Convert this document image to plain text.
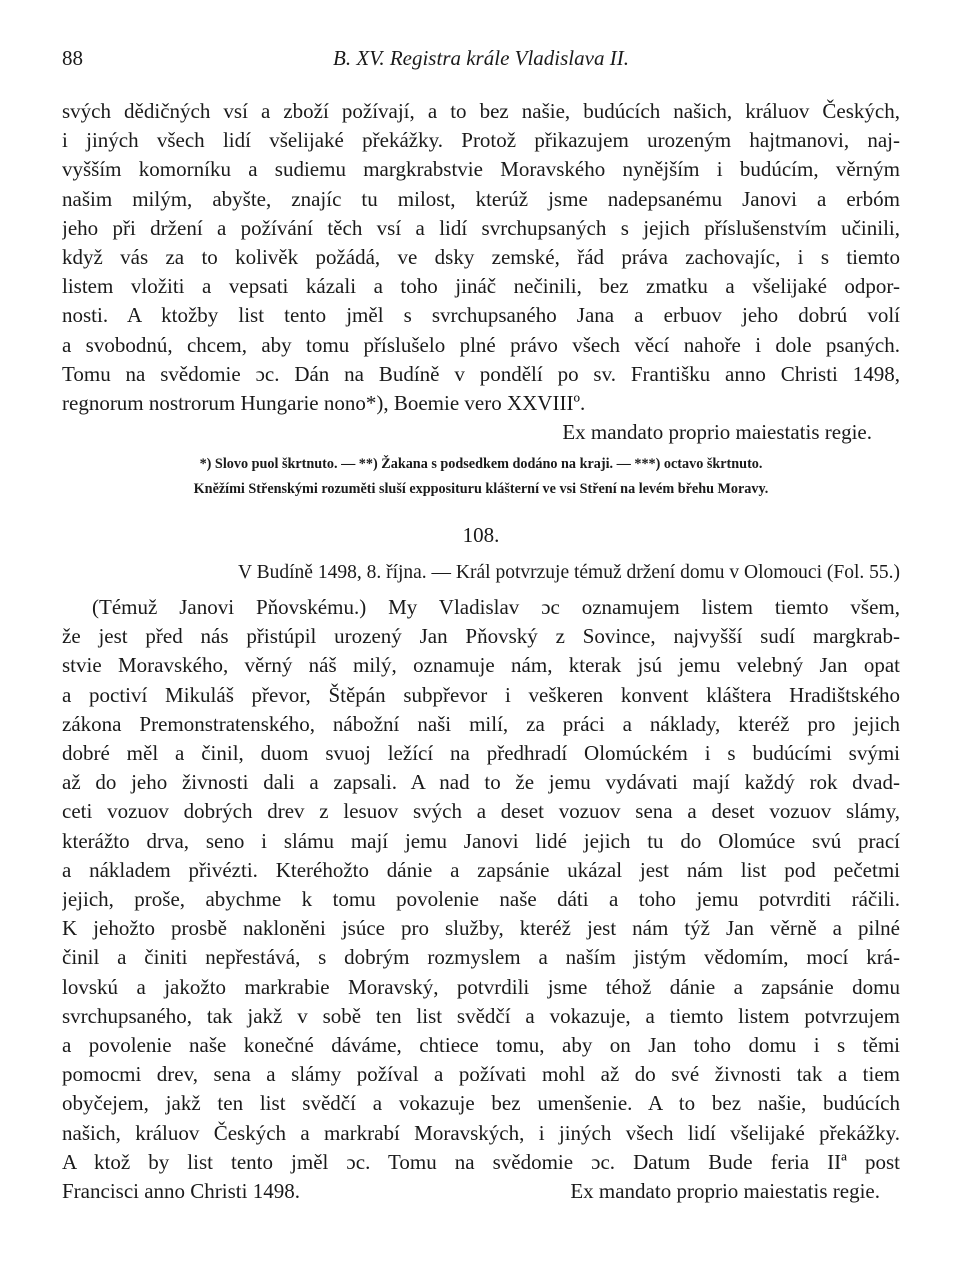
88	B. XV. Registra krále Vladislava II.
svých dědičných vsí a zboží požívají, a to bez našie, budúcích našich, králuov Českých,
i jiných všech lidí všelijaké překážky. Protož přikazujem urozeným hajtmanovi, naj-
vyšším komorníku a sudiemu margkrabstvie Moravského nynějším i budúcím, věrným
našim milým, abyšte, znajíc tu milost, kterúž jsme nadepsanému Janovi a erbóm
jeho při držení a požívání těch vsí a lidí svrchupsaných s jejich příslušenstvím učinili,
když vás za to kolivěk požádá, ve dsky zemské, řád práva zachovajíc, i s tiemto
listem vložiti a vepsati kázali a toho jináč nečinili, bez zmatku a všelijaké odpor-
nosti. A ktožby list tento jměl s svrchupsaného Jana a erbuov jeho dobrú volí
a svobodnú, chcem, aby tomu příslušelo plné právo všech věcí nahoře i dole psaných.
Tomu na svědomie ɔc. Dán na Budíně v pondělí po sv. Františku anno Christi 1498,
regnorum nostrorum Hungarie nono*), Boemie vero XXVIIIº.
Ex mandato proprio maiestatis regie.
*) Slovo puol škrtnuto. — **) Žakana s podsedkem dodáno na kraji. — ***) octavo škrtnuto.
Kněžími Střenskými rozuměti sluší expposituru klášterní ve vsi Stření na levém břehu Moravy.
108.
V Budíně 1498, 8. října. — Král potvrzuje témuž držení domu v Olomouci (Fol. 55.)
(Témuž Janovi Pňovskému.) My Vladislav ɔc oznamujem listem tiemto všem,
že jest před nás přistúpil urozený Jan Pňovský z Sovince, najvyšší sudí margkrab-
stvie Moravského, věrný náš milý, oznamuje nám, kterak jsú jemu velebný Jan opat
a poctiví Mikuláš převor, Štěpán subpřevor i veškeren konvent kláštera Hradištského
zákona Premonstratenského, nábožní naši milí, za práci a náklady, kteréž pro jejich
dobré měl a činil, duom svuoj ležící na předhradí Olomúckém i s budúcími svými
až do jeho živnosti dali a zapsali. A nad to že jemu vydávati mají každý rok dvad-
ceti vozuov dobrých drev z lesuov svých a deset vozuov sena a deset vozuov slámy,
kterážto drva, seno i slámu mají jemu Janovi lidé jejich tu do Olomúce svú prací
a nákladem přivézti. Kteréhožto dánie a zapsánie ukázal jest nám list pod pečetmi
jejich, proše, abychme k tomu povolenie naše dáti a toho jemu potvrditi ráčili.
K jehožto prosbě nakloněni jsúce pro služby, kteréž jest nám týž Jan věrně a pilné
činil a činiti nepřestává, s dobrým rozmyslem a naším jistým vědomím, mocí krá-
lovskú a jakožto markrabie Moravský, potvrdili jsme téhož dánie a zapsánie domu
svrchupsaného, tak jakž v sobě ten list svědčí a vokazuje, a tiemto listem potvrzujem
a povolenie naše konečné dáváme, chtiece tomu, aby on Jan toho domu i s těmi
pomocmi drev, sena a slámy požíval a požívati mohl až do své živnosti tak a tiem
obyčejem, jakž ten list svědčí a vokazuje bez umenšenie. A to bez našie, budúcích
našich, králuov Českých a markrabí Moravských, i jiných všech lidí všelijaké překážky.
A ktož by list tento jměl ɔc. Tomu na svědomie ɔc. Datum Bude feria IIª post
Francisci anno Christi 1498.	Ex mandato proprio maiestatis regie.
